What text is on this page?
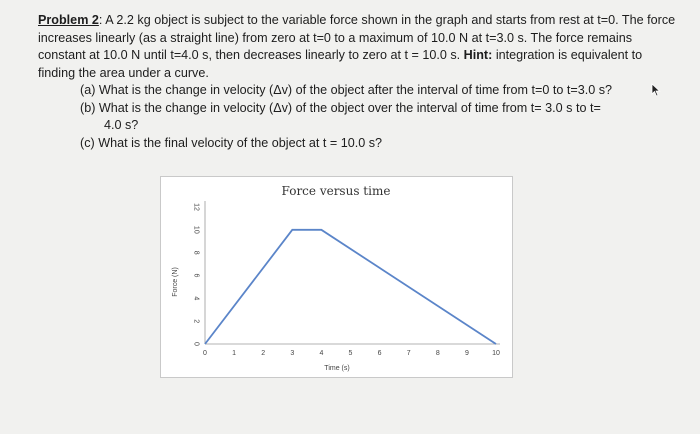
Problem 2: A 2.2 kg object is subject to the variable force shown in the graph and starts from rest at t=0. The force increases linearly (as a straight line) from zero at t=0 to a maximum of 10.0 N at t=3.0 s. The force remains constant at 10.0 N until t=4.0 s, then decreases linearly to zero at t = 10.0 s. Hint: integration is equivalent to finding the area under a curve.

(a) What is the change in velocity (Δv) of the object after the interval of time from t=0 to t=3.0 s?
(b) What is the change in velocity (Δv) of the object over the interval of time from t= 3.0 s to t=
4.0 s?
(c) What is the final velocity of the object at t = 10.0 s?
Force versus time
0
2
4
6
8
10
12
0	1	2	3	4	5	6	7	8	9	10
Time (s)
Force (N)
